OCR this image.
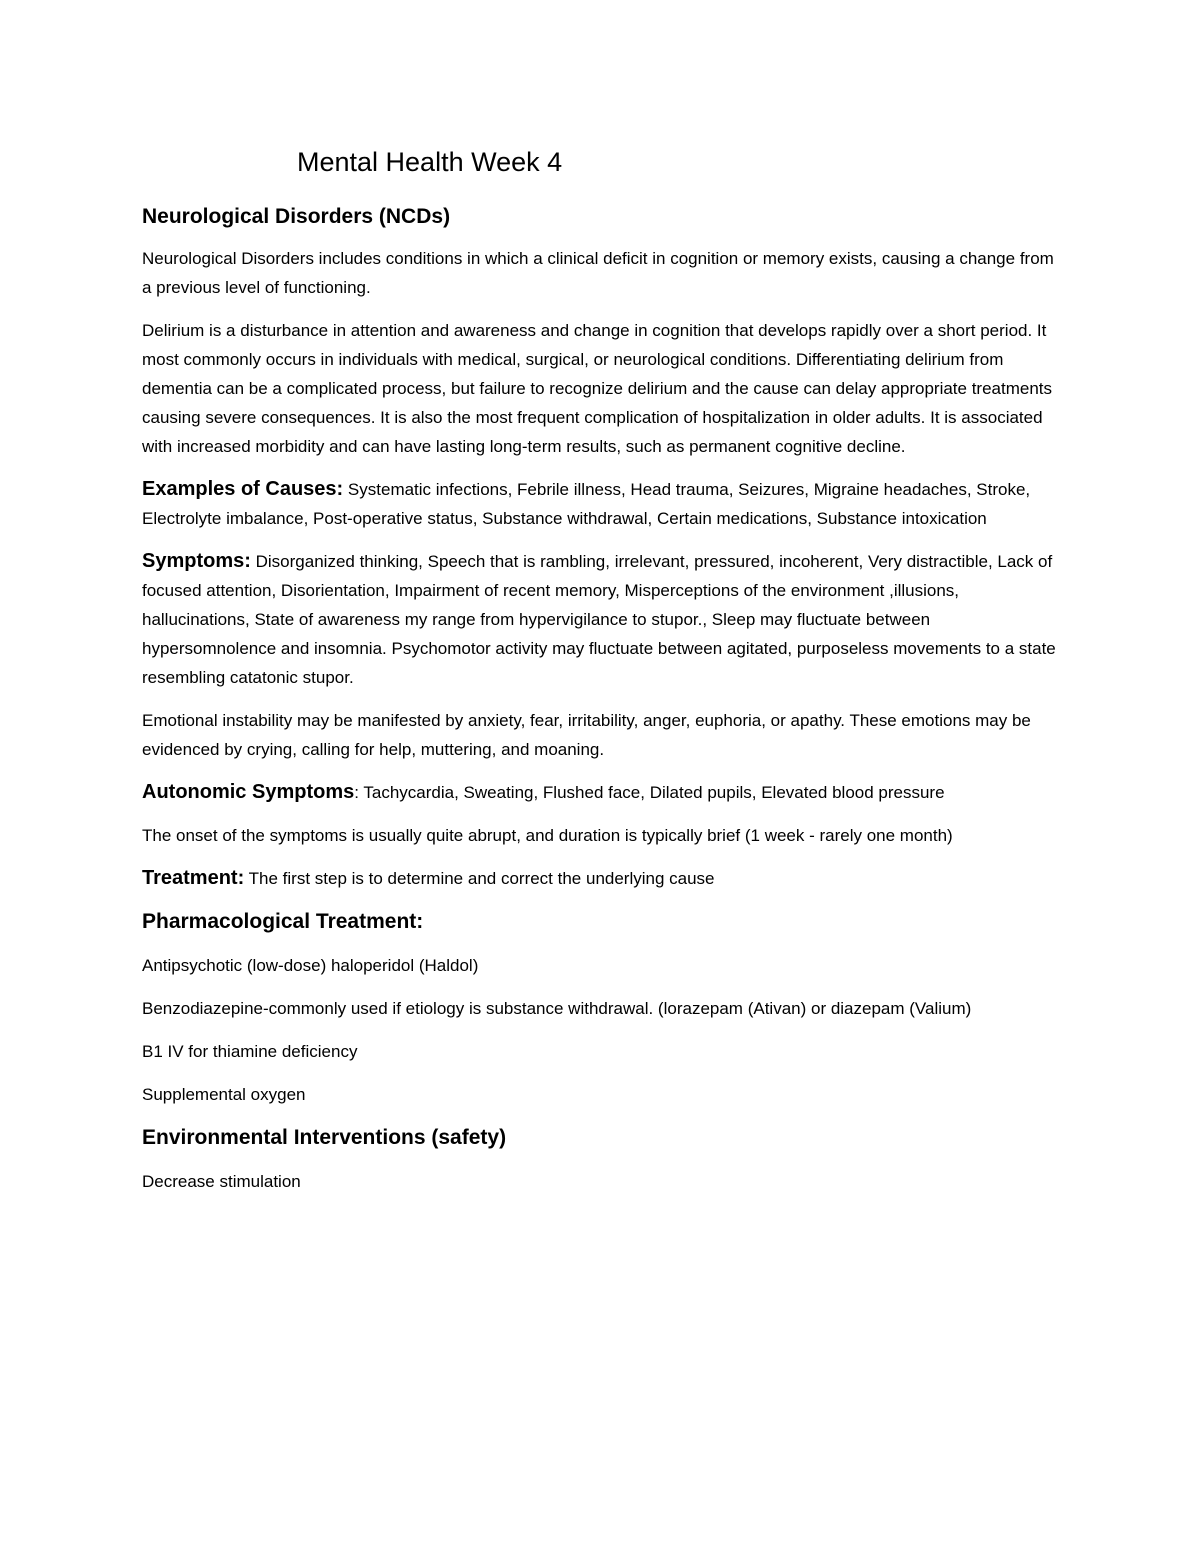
Mental Health Week 4
Neurological Disorders (NCDs)

Neurological Disorders includes conditions in which a clinical deficit in cognition or memory exists, causing a change from a previous level of functioning.

Delirium is a disturbance in attention and awareness and change in cognition that develops rapidly over a short period. It most commonly occurs in individuals with medical, surgical, or neurological conditions. Differentiating delirium from dementia can be a complicated process, but failure to recognize delirium and the cause can delay appropriate treatments causing severe consequences. It is also the most frequent complication of hospitalization in older adults. It is associated with increased morbidity and can have lasting long-term results, such as permanent cognitive decline.

Examples of Causes: Systematic infections, Febrile illness, Head trauma, Seizures, Migraine headaches, Stroke, Electrolyte imbalance, Post-operative status, Substance withdrawal, Certain medications, Substance intoxication

Symptoms: Disorganized thinking, Speech that is rambling, irrelevant, pressured, incoherent, Very distractible, Lack of focused attention, Disorientation, Impairment of recent memory, Misperceptions of the environment ,illusions, hallucinations, State of awareness my range from hypervigilance to stupor., Sleep may fluctuate between hypersomnolence and insomnia. Psychomotor activity may fluctuate between agitated, purposeless movements to a state resembling catatonic stupor.

Emotional instability may be manifested by anxiety, fear, irritability, anger, euphoria, or apathy. These emotions may be evidenced by crying, calling for help, muttering, and moaning.

Autonomic Symptoms: Tachycardia, Sweating, Flushed face, Dilated pupils, Elevated blood pressure

The onset of the symptoms is usually quite abrupt, and duration is typically brief (1 week - rarely one month)

Treatment: The first step is to determine and correct the underlying cause

Pharmacological Treatment:

Antipsychotic (low-dose) haloperidol (Haldol)

Benzodiazepine-commonly used if etiology is substance withdrawal. (lorazepam (Ativan) or diazepam (Valium)

B1 IV for thiamine deficiency

Supplemental oxygen

Environmental Interventions (safety)

Decrease stimulation
